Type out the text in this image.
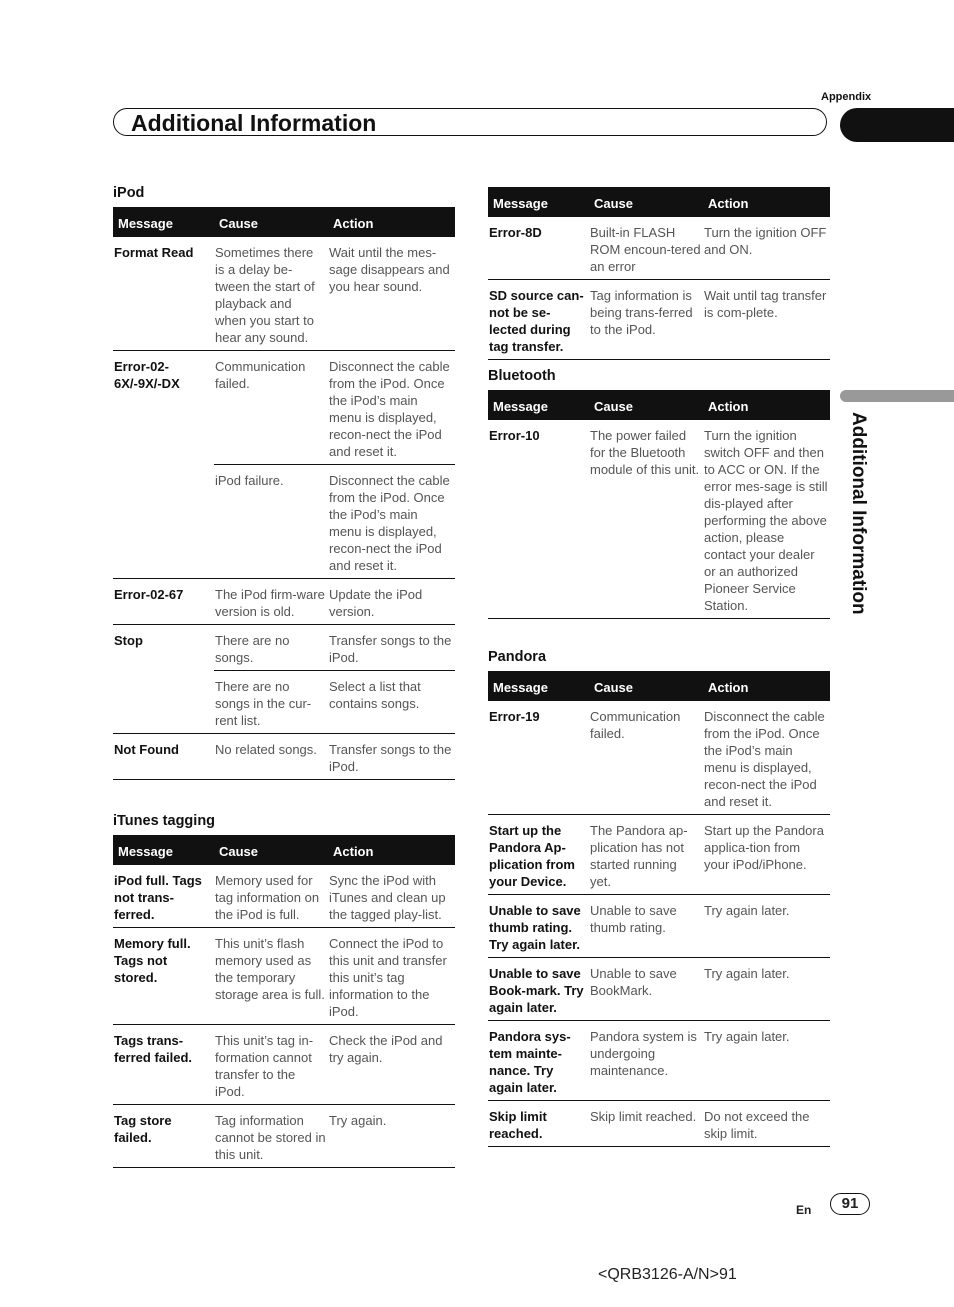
Appendix
Additional Information
Additional Information
iPod
Message	Cause	Action
Format Read	Sometimes there is a delay be-tween the start of playback and when you start to hear any sound.	Wait until the mes-sage disappears and you hear sound.
Error-02-6X/-9X/-DX	Communication failed.	Disconnect the cable from the iPod. Once the iPod’s main menu is displayed, recon-nect the iPod and reset it.
	iPod failure.	Disconnect the cable from the iPod. Once the iPod’s main menu is displayed, recon-nect the iPod and reset it.
Error-02-67	The iPod firm-ware version is old.	Update the iPod version.
Stop	There are no songs.	Transfer songs to the iPod.
	There are no songs in the cur-rent list.	Select a list that contains songs.
Not Found	No related songs.	Transfer songs to the iPod.
iTunes tagging
Message	Cause	Action
iPod full. Tags not trans-ferred.	Memory used for tag information on the iPod is full.	Sync the iPod with iTunes and clean up the tagged play-list.
Memory full. Tags not stored.	This unit’s flash memory used as the temporary storage area is full.	Connect the iPod to this unit and transfer this unit’s tag information to the iPod.
Tags trans-ferred failed.	This unit’s tag in-formation cannot transfer to the iPod.	Check the iPod and try again.
Tag store failed.	Tag information cannot be stored in this unit.	Try again.
Message	Cause	Action
Error-8D	Built-in FLASH ROM encoun-tered an error	Turn the ignition OFF and ON.
SD source can-not be se-lected during tag transfer.	Tag information is being trans-ferred to the iPod.	Wait until tag transfer is com-plete.
Bluetooth
Message	Cause	Action
Error-10	The power failed for the Bluetooth module of this unit.	Turn the ignition switch OFF and then to ACC or ON. If the error mes-sage is still dis-played after performing the above action, please contact your dealer or an authorized Pioneer Service Station.
Pandora
Message	Cause	Action
Error-19	Communication failed.	Disconnect the cable from the iPod. Once the iPod’s main menu is displayed, recon-nect the iPod and reset it.
Start up the Pandora Ap-plication from your Device.	The Pandora ap-plication has not started running yet.	Start up the Pandora applica-tion from your iPod/iPhone.
Unable to save thumb rating. Try again later.	Unable to save thumb rating.	Try again later.
Unable to save Book-mark. Try again later.	Unable to save BookMark.	Try again later.
Pandora sys-tem mainte-nance. Try again later.	Pandora system is undergoing maintenance.	Try again later.
Skip limit reached.	Skip limit reached.	Do not exceed the skip limit.
En	91
<QRB3126-A/N>91
